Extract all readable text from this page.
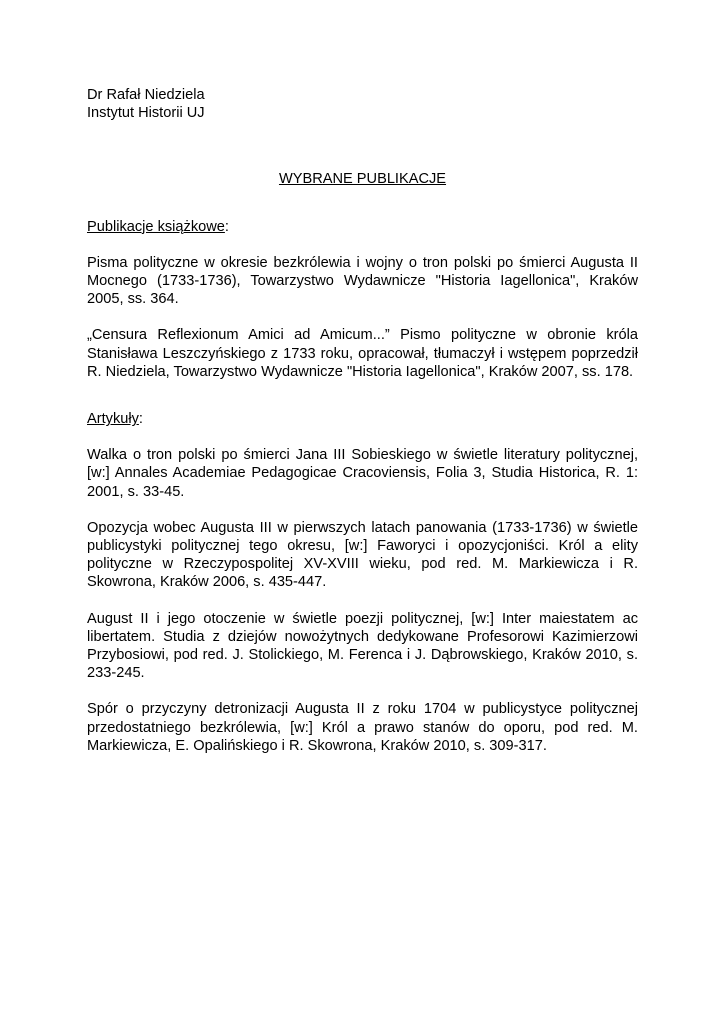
Dr Rafał Niedziela
Instytut Historii UJ
WYBRANE PUBLIKACJE
Publikacje książkowe:
Pisma polityczne w okresie bezkrólewia i wojny o tron polski po śmierci Augusta II Mocnego (1733-1736), Towarzystwo Wydawnicze "Historia Iagellonica", Kraków 2005, ss. 364.
„Censura Reflexionum Amici ad Amicum...” Pismo polityczne w obronie króla Stanisława Leszczyńskiego z 1733 roku, opracował, tłumaczył i wstępem poprzedził R. Niedziela, Towarzystwo Wydawnicze "Historia Iagellonica", Kraków 2007, ss. 178.
Artykuły:
Walka o tron polski po śmierci Jana III Sobieskiego w świetle literatury politycznej, [w:] Annales Academiae Pedagogicae Cracoviensis, Folia 3, Studia Historica, R. 1: 2001, s. 33-45.
Opozycja wobec Augusta III w pierwszych latach panowania (1733-1736) w świetle publicystyki politycznej tego okresu, [w:] Faworyci i opozycjoniści. Król a elity polityczne w Rzeczypospolitej XV-XVIII wieku, pod red. M. Markiewicza i R. Skowrona, Kraków 2006, s. 435-447.
August II i jego otoczenie w świetle poezji politycznej, [w:] Inter maiestatem ac libertatem. Studia z dziejów nowożytnych dedykowane Profesorowi Kazimierzowi Przybosiowi, pod red. J. Stolickiego, M. Ferenca i J. Dąbrowskiego, Kraków 2010, s. 233-245.
Spór o przyczyny detronizacji Augusta II z roku 1704 w publicystyce politycznej przedostatniego bezkrólewia, [w:] Król a prawo stanów do oporu, pod red. M. Markiewicza, E. Opalińskiego i R. Skowrona, Kraków 2010, s. 309-317.
